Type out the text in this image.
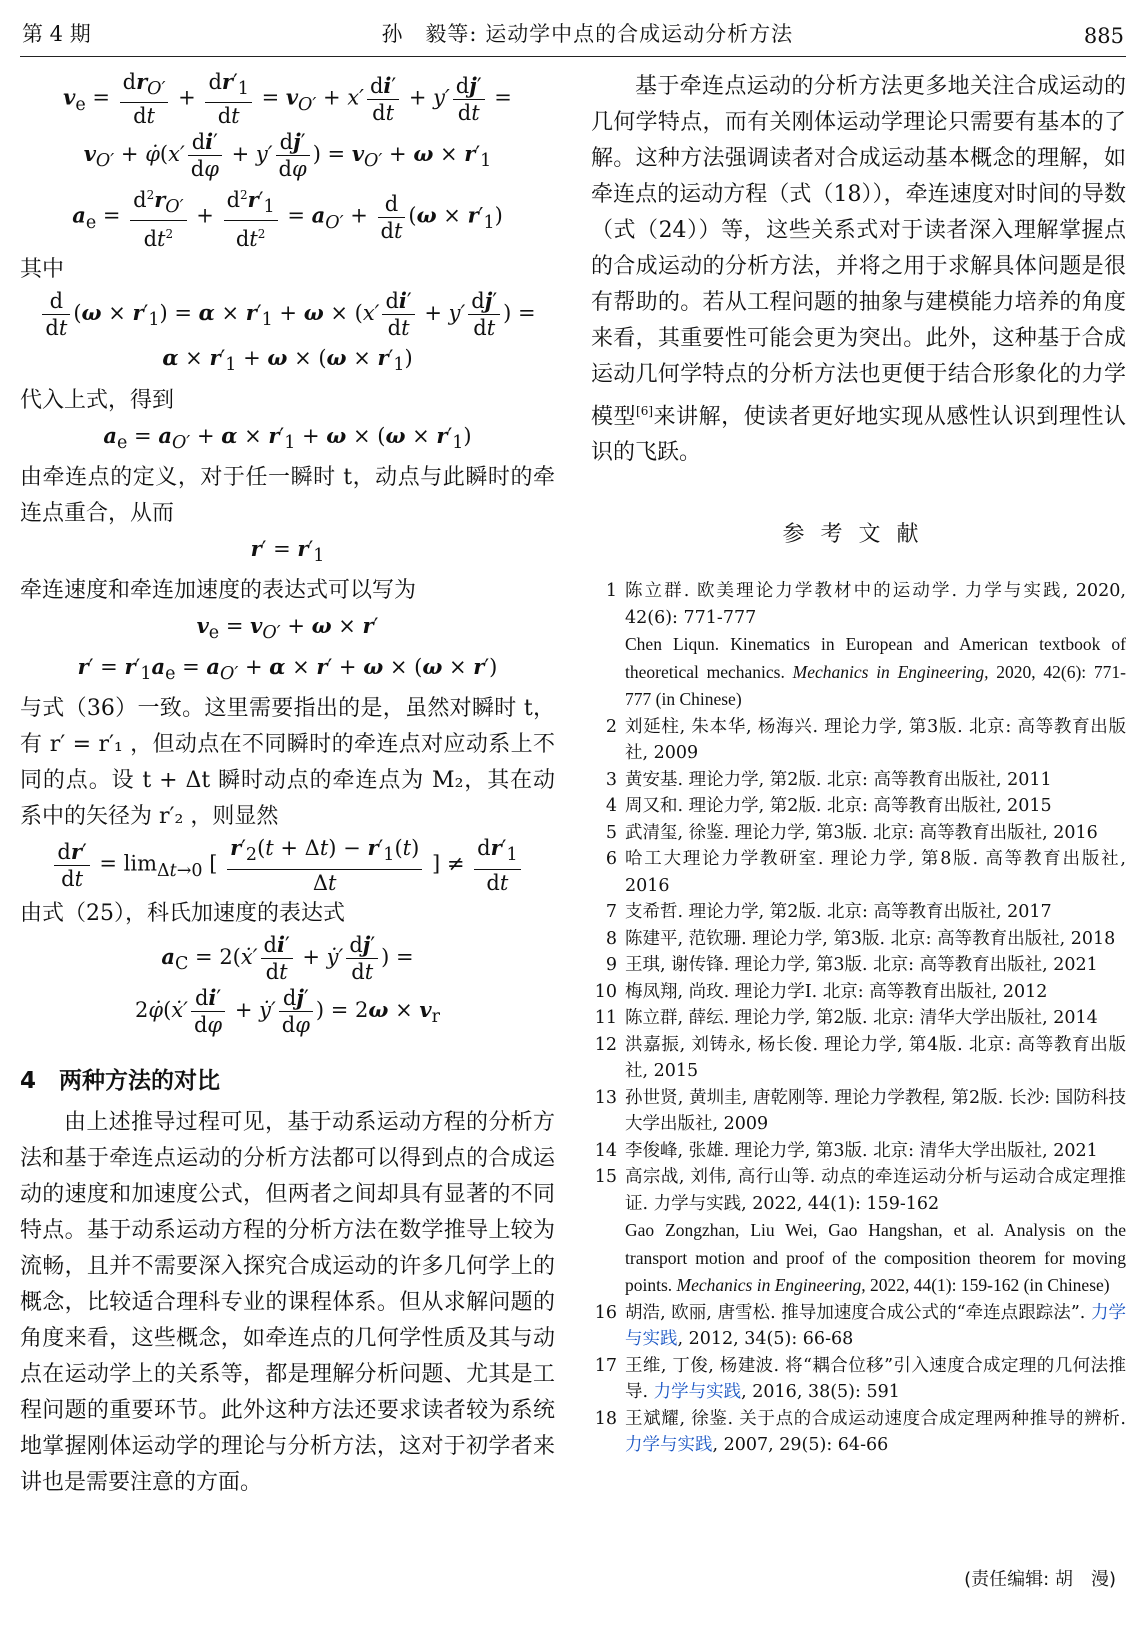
第 4 期	孙　毅等: 运动学中点的合成运动分析方法	885
$v_e = \frac{dr_{O'}}{dt} + \frac{dr'_1}{dt} = v_{O'} + x' \frac{di'}{dt} + y' \frac{dj'}{dt}$ =
$v_{O'}$ + φ̇(x′ $\frac{di'}{d\varphi} + y' \frac{dj'}{d\varphi}$ ) = $v_{O'} + \omega \times r'_1$
$a_e = \frac{d^2r_{O'}}{dt^2} + \frac{d^2r'_1}{dt^2} = a_{O'} + \frac{d}{dt} (\omega \times r'_1)$

其中

$\frac{d}{dt} (\omega \times r'_1) = \alpha \times r'_1 + \omega \times (x' \frac{di'}{dt} + y' \frac{dj'}{dt}$ ) =
$\alpha \times r'_1 + \omega \times (\omega \times r'_1)$

代入上式，得到

$a_e = a_{O'} + \alpha \times r'_1 + \omega \times (\omega \times r'_1)$

由牵连点的定义，对于任一瞬时 t，动点与此瞬时的牵连点重合，从而

$r' = r'_1$

牵连速度和牵连加速度的表达式可以写为

$v_e = v_{O'} + \omega \times r'$
$r' = r'_1a_e = a_{O'} + \alpha \times r' + \omega \times (\omega \times r')$

与式（36）一致。这里需要指出的是，虽然对瞬时 t，有 r′ = r′₁ ，但动点在不同瞬时的牵连点对应动系上不同的点。设 t + Δt 瞬时动点的牵连点为 M₂，其在动系中的矢径为 r′₂ ，则显然

$\frac{dr'}{dt} = \lim_{\Delta t\to 0}$ [ $\frac{r'_2(t + \Delta t) - r'_1(t)}{\Delta t}$ ] ≠ $\frac{dr'_1}{dt}$

由式（25），科氏加速度的表达式

$a_C$ = 2(ẋ′ $\frac{di'}{dt}$ + ẏ′ $\frac{dj'}{dt}$ ) =
2φ̇(ẋ′ $\frac{di'}{d\varphi}$ + ẏ′ $\frac{dj'}{d\varphi}$ ) = $2\omega \times v_r$
4　两种方法的对比

由上述推导过程可见，基于动系运动方程的分析方法和基于牵连点运动的分析方法都可以得到点的合成运动的速度和加速度公式，但两者之间却具有显著的不同特点。基于动系运动方程的分析方法在数学推导上较为流畅，且并不需要深入探究合成运动的许多几何学上的概念，比较适合理科专业的课程体系。但从求解问题的角度来看，这些概念，如牵连点的几何学性质及其与动点在运动学上的关系等，都是理解分析问题、尤其是工程问题的重要环节。此外这种方法还要求读者较为系统地掌握刚体运动学的理论与分析方法，这对于初学者来讲也是需要注意的方面。

基于牵连点运动的分析方法更多地关注合成运动的几何学特点，而有关刚体运动学理论只需要有基本的了解。这种方法强调读者对合成运动基本概念的理解，如牵连点的运动方程（式（18）），牵连速度对时间的导数（式（24））等，这些关系式对于读者深入理解掌握点的合成运动的分析方法，并将之用于求解具体问题是很有帮助的。若从工程问题的抽象与建模能力培养的角度来看，其重要性可能会更为突出。此外，这种基于合成运动几何学特点的分析方法也更便于结合形象化的力学模型[6]来讲解，使读者更好地实现从感性认识到理性认识的飞跃。

参考文献
1 陈立群. 欧美理论力学教材中的运动学. 力学与实践, 2020, 42(6): 771-777
Chen Liqun. Kinematics in European and American textbook of theoretical mechanics. Mechanics in Engineering, 2020, 42(6): 771-777 (in Chinese)
2 刘延柱, 朱本华, 杨海兴. 理论力学, 第3版. 北京: 高等教育出版社, 2009
3 黄安基. 理论力学, 第2版. 北京: 高等教育出版社, 2011
4 周又和. 理论力学, 第2版. 北京: 高等教育出版社, 2015
5 武清玺, 徐鉴. 理论力学, 第3版. 北京: 高等教育出版社, 2016
6 哈工大理论力学教研室. 理论力学, 第8版. 高等教育出版社, 2016
7 支希哲. 理论力学, 第2版. 北京: 高等教育出版社, 2017
8 陈建平, 范钦珊. 理论力学, 第3版. 北京: 高等教育出版社, 2018
9 王琪, 谢传锋. 理论力学, 第3版. 北京: 高等教育出版社, 2021
10 梅凤翔, 尚玫. 理论力学I. 北京: 高等教育出版社, 2012
11 陈立群, 薛纭. 理论力学, 第2版. 北京: 清华大学出版社, 2014
12 洪嘉振, 刘铸永, 杨长俊. 理论力学, 第4版. 北京: 高等教育出版社, 2015
13 孙世贤, 黄圳圭, 唐乾刚等. 理论力学教程, 第2版. 长沙: 国防科技大学出版社, 2009
14 李俊峰, 张雄. 理论力学, 第3版. 北京: 清华大学出版社, 2021
15 高宗战, 刘伟, 高行山等. 动点的牵连运动分析与运动合成定理推证. 力学与实践, 2022, 44(1): 159-162
Gao Zongzhan, Liu Wei, Gao Hangshan, et al. Analysis on the transport motion and proof of the composition theorem for moving points. Mechanics in Engineering, 2022, 44(1): 159-162 (in Chinese)
16 胡浩, 欧丽, 唐雪松. 推导加速度合成公式的“牵连点跟踪法”. 力学与实践, 2012, 34(5): 66-68
17 王维, 丁俊, 杨建波. 将“耦合位移”引入速度合成定理的几何法推导. 力学与实践, 2016, 38(5): 591
18 王斌耀, 徐鉴. 关于点的合成运动速度合成定理两种推导的辨析. 力学与实践, 2007, 29(5): 64-66
(责任编辑: 胡　漫)
